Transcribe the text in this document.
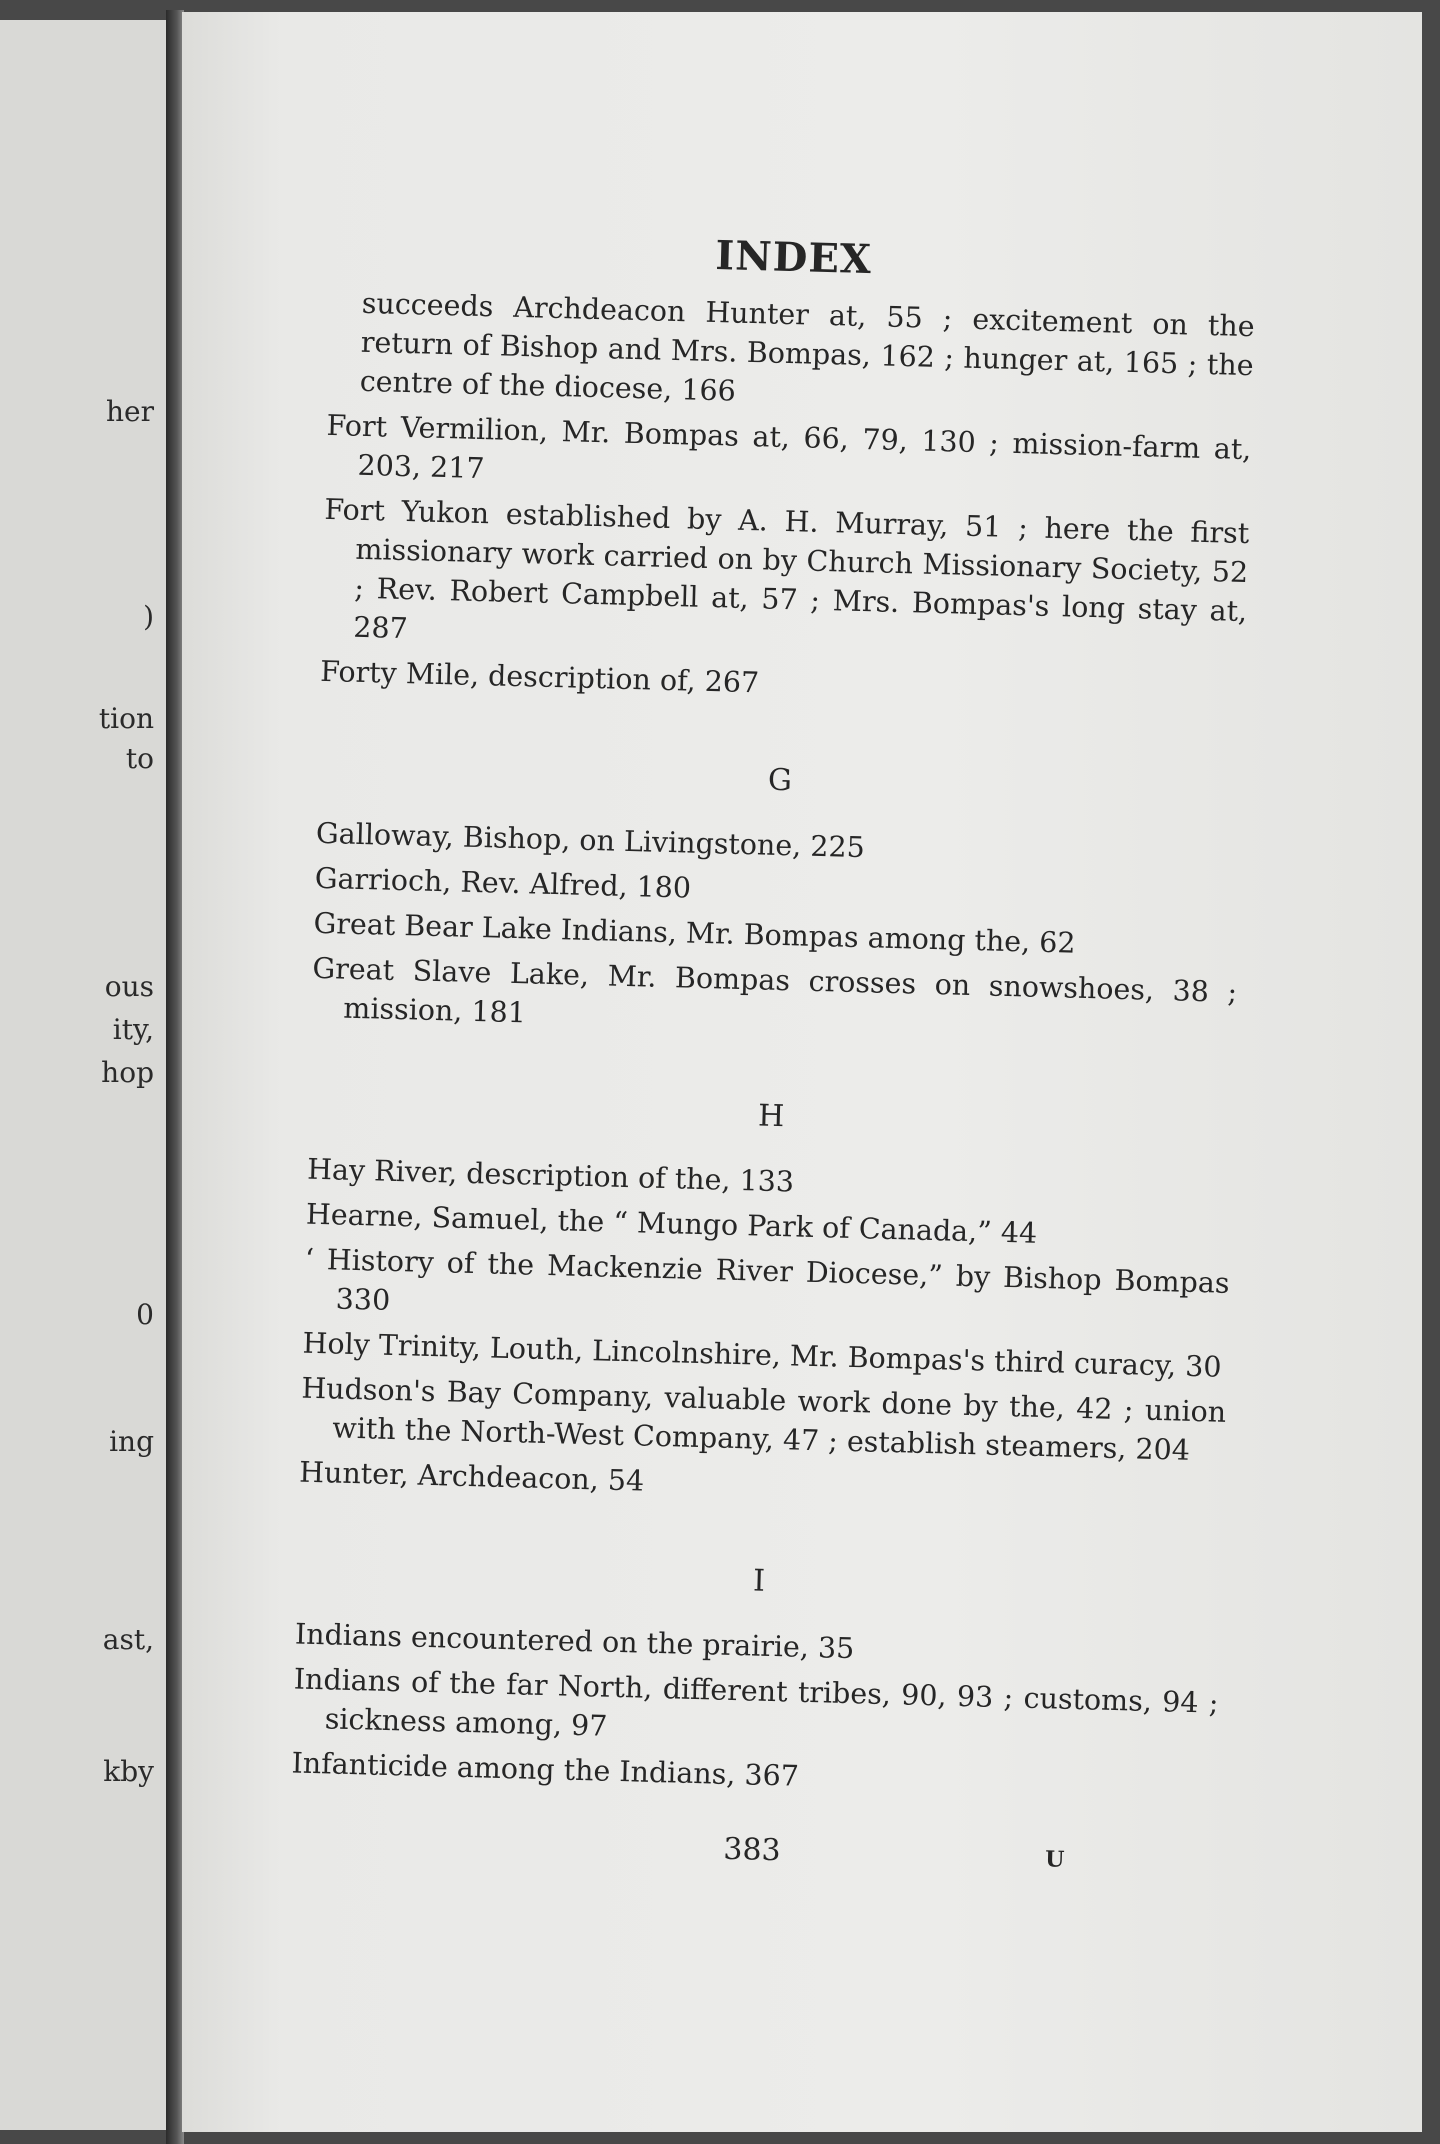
her
)
tion
to
ous
ity,
hop
0
ing
ast,
kby
INDEX
succeeds Archdeacon Hunter at, 55 ; excitement on the return of Bishop and Mrs. Bompas, 162 ; hunger at, 165 ; the centre of the diocese, 166
Fort Vermilion, Mr. Bompas at, 66, 79, 130 ; mission-farm at, 203, 217
Fort Yukon established by A. H. Murray, 51 ; here the first missionary work carried on by Church Missionary Society, 52 ; Rev. Robert Campbell at, 57 ; Mrs. Bompas's long stay at, 287
Forty Mile, description of, 267
G
Galloway, Bishop, on Livingstone, 225
Garrioch, Rev. Alfred, 180
Great Bear Lake Indians, Mr. Bompas among the, 62
Great Slave Lake, Mr. Bompas crosses on snowshoes, 38 ; mission, 181
H
Hay River, description of the, 133
Hearne, Samuel, the “ Mungo Park of Canada,” 44
‘ History of the Mackenzie River Diocese,” by Bishop Bompas 330
Holy Trinity, Louth, Lincolnshire, Mr. Bompas's third curacy, 30
Hudson's Bay Company, valuable work done by the, 42 ; union with the North-West Company, 47 ; establish steamers, 204
Hunter, Archdeacon, 54
I
Indians encountered on the prairie, 35
Indians of the far North, different tribes, 90, 93 ; customs, 94 ; sickness among, 97
Infanticide among the Indians, 367
383	U
